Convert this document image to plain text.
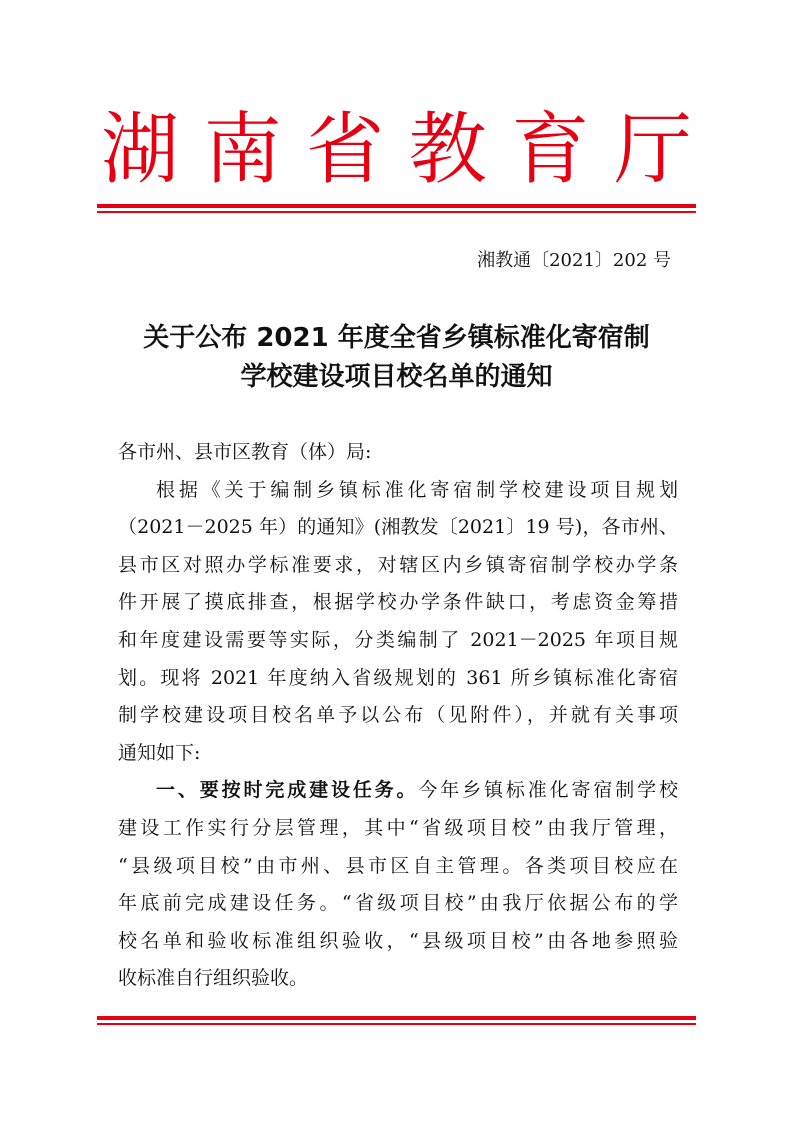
湖 南 省 教 育 厅
湘教通〔2021〕202 号
关于公布 2021 年度全省乡镇标准化寄宿制
学校建设项目校名单的通知
各市州、县市区教育（体）局:
根据《关于编制乡镇标准化寄宿制学校建设项目规划
（2021－2025 年）的通知》(湘教发〔2021〕19 号)，各市州、
县市区对照办学标准要求，对辖区内乡镇寄宿制学校办学条
件开展了摸底排查，根据学校办学条件缺口，考虑资金筹措
和年度建设需要等实际，分类编制了 2021－2025 年项目规
划。现将 2021 年度纳入省级规划的 361 所乡镇标准化寄宿
制学校建设项目校名单予以公布（见附件），并就有关事项
通知如下:
一、要按时完成建设任务。今年乡镇标准化寄宿制学校
建设工作实行分层管理，其中“省级项目校”由我厅管理，
“县级项目校”由市州、县市区自主管理。各类项目校应在
年底前完成建设任务。“省级项目校”由我厅依据公布的学
校名单和验收标准组织验收，“县级项目校”由各地参照验
收标准自行组织验收。
